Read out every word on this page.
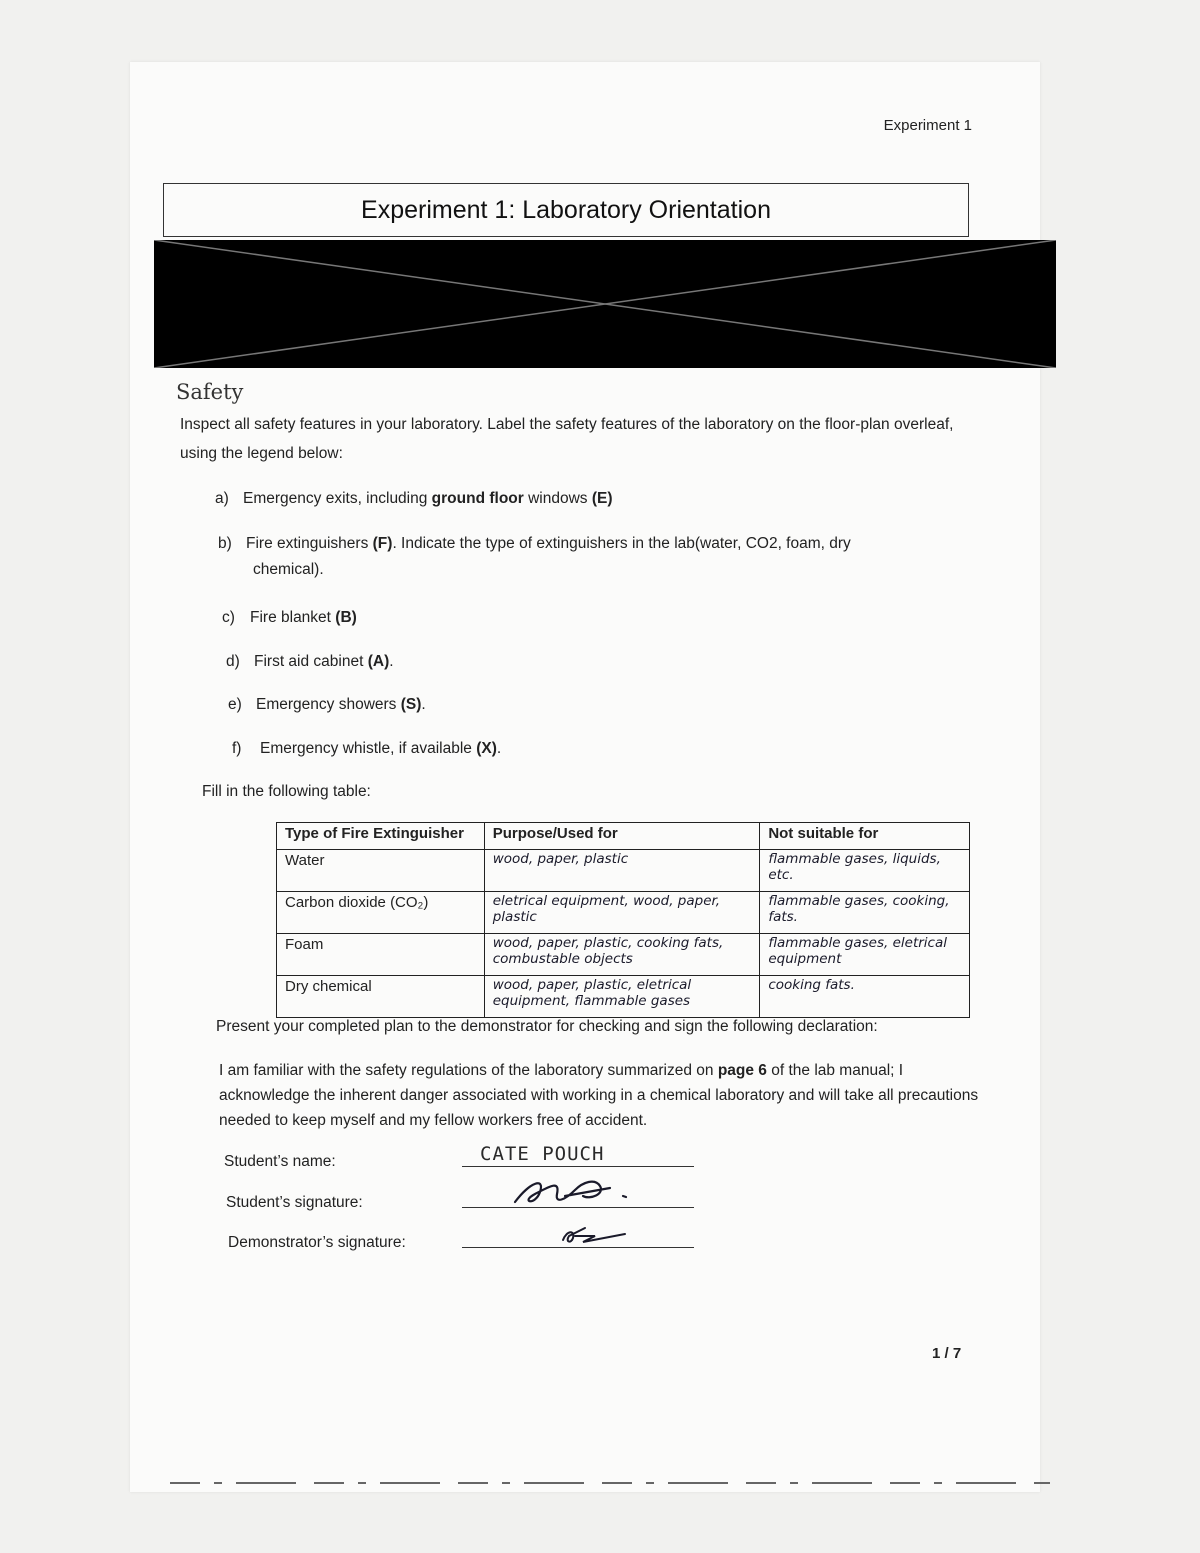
Experiment 1
Experiment 1: Laboratory Orientation
Safety
Inspect all safety features in your laboratory. Label the safety features of the laboratory on the floor-plan overleaf, using the legend below:
a) Emergency exits, including ground floor windows (E)
b) Fire extinguishers (F). Indicate the type of extinguishers in the lab(water, CO2, foam, dry
chemical).
c) Fire blanket (B)
d) First aid cabinet (A).
e) Emergency showers (S).
f) Emergency whistle, if available (X).
Fill in the following table:
Type of Fire Extinguisher	Purpose/Used for	Not suitable for
Water	wood, paper, plastic	flammable gases, liquids, etc.
Carbon dioxide (CO₂)	eletrical equipment, wood, paper, plastic	flammable gases, cooking, fats.
Foam	wood, paper, plastic, cooking fats, combustable objects	flammable gases, eletrical equipment
Dry chemical	wood, paper, plastic, eletrical equipment, flammable gases	cooking fats.
Present your completed plan to the demonstrator for checking and sign the following declaration:
I am familiar with the safety regulations of the laboratory summarized on page 6 of the lab manual; I acknowledge the inherent danger associated with working in a chemical laboratory and will take all precautions needed to keep myself and my fellow workers free of accident.
Student’s name:	CATE POUCH
Student’s signature:
Demonstrator’s signature:
1 / 7
